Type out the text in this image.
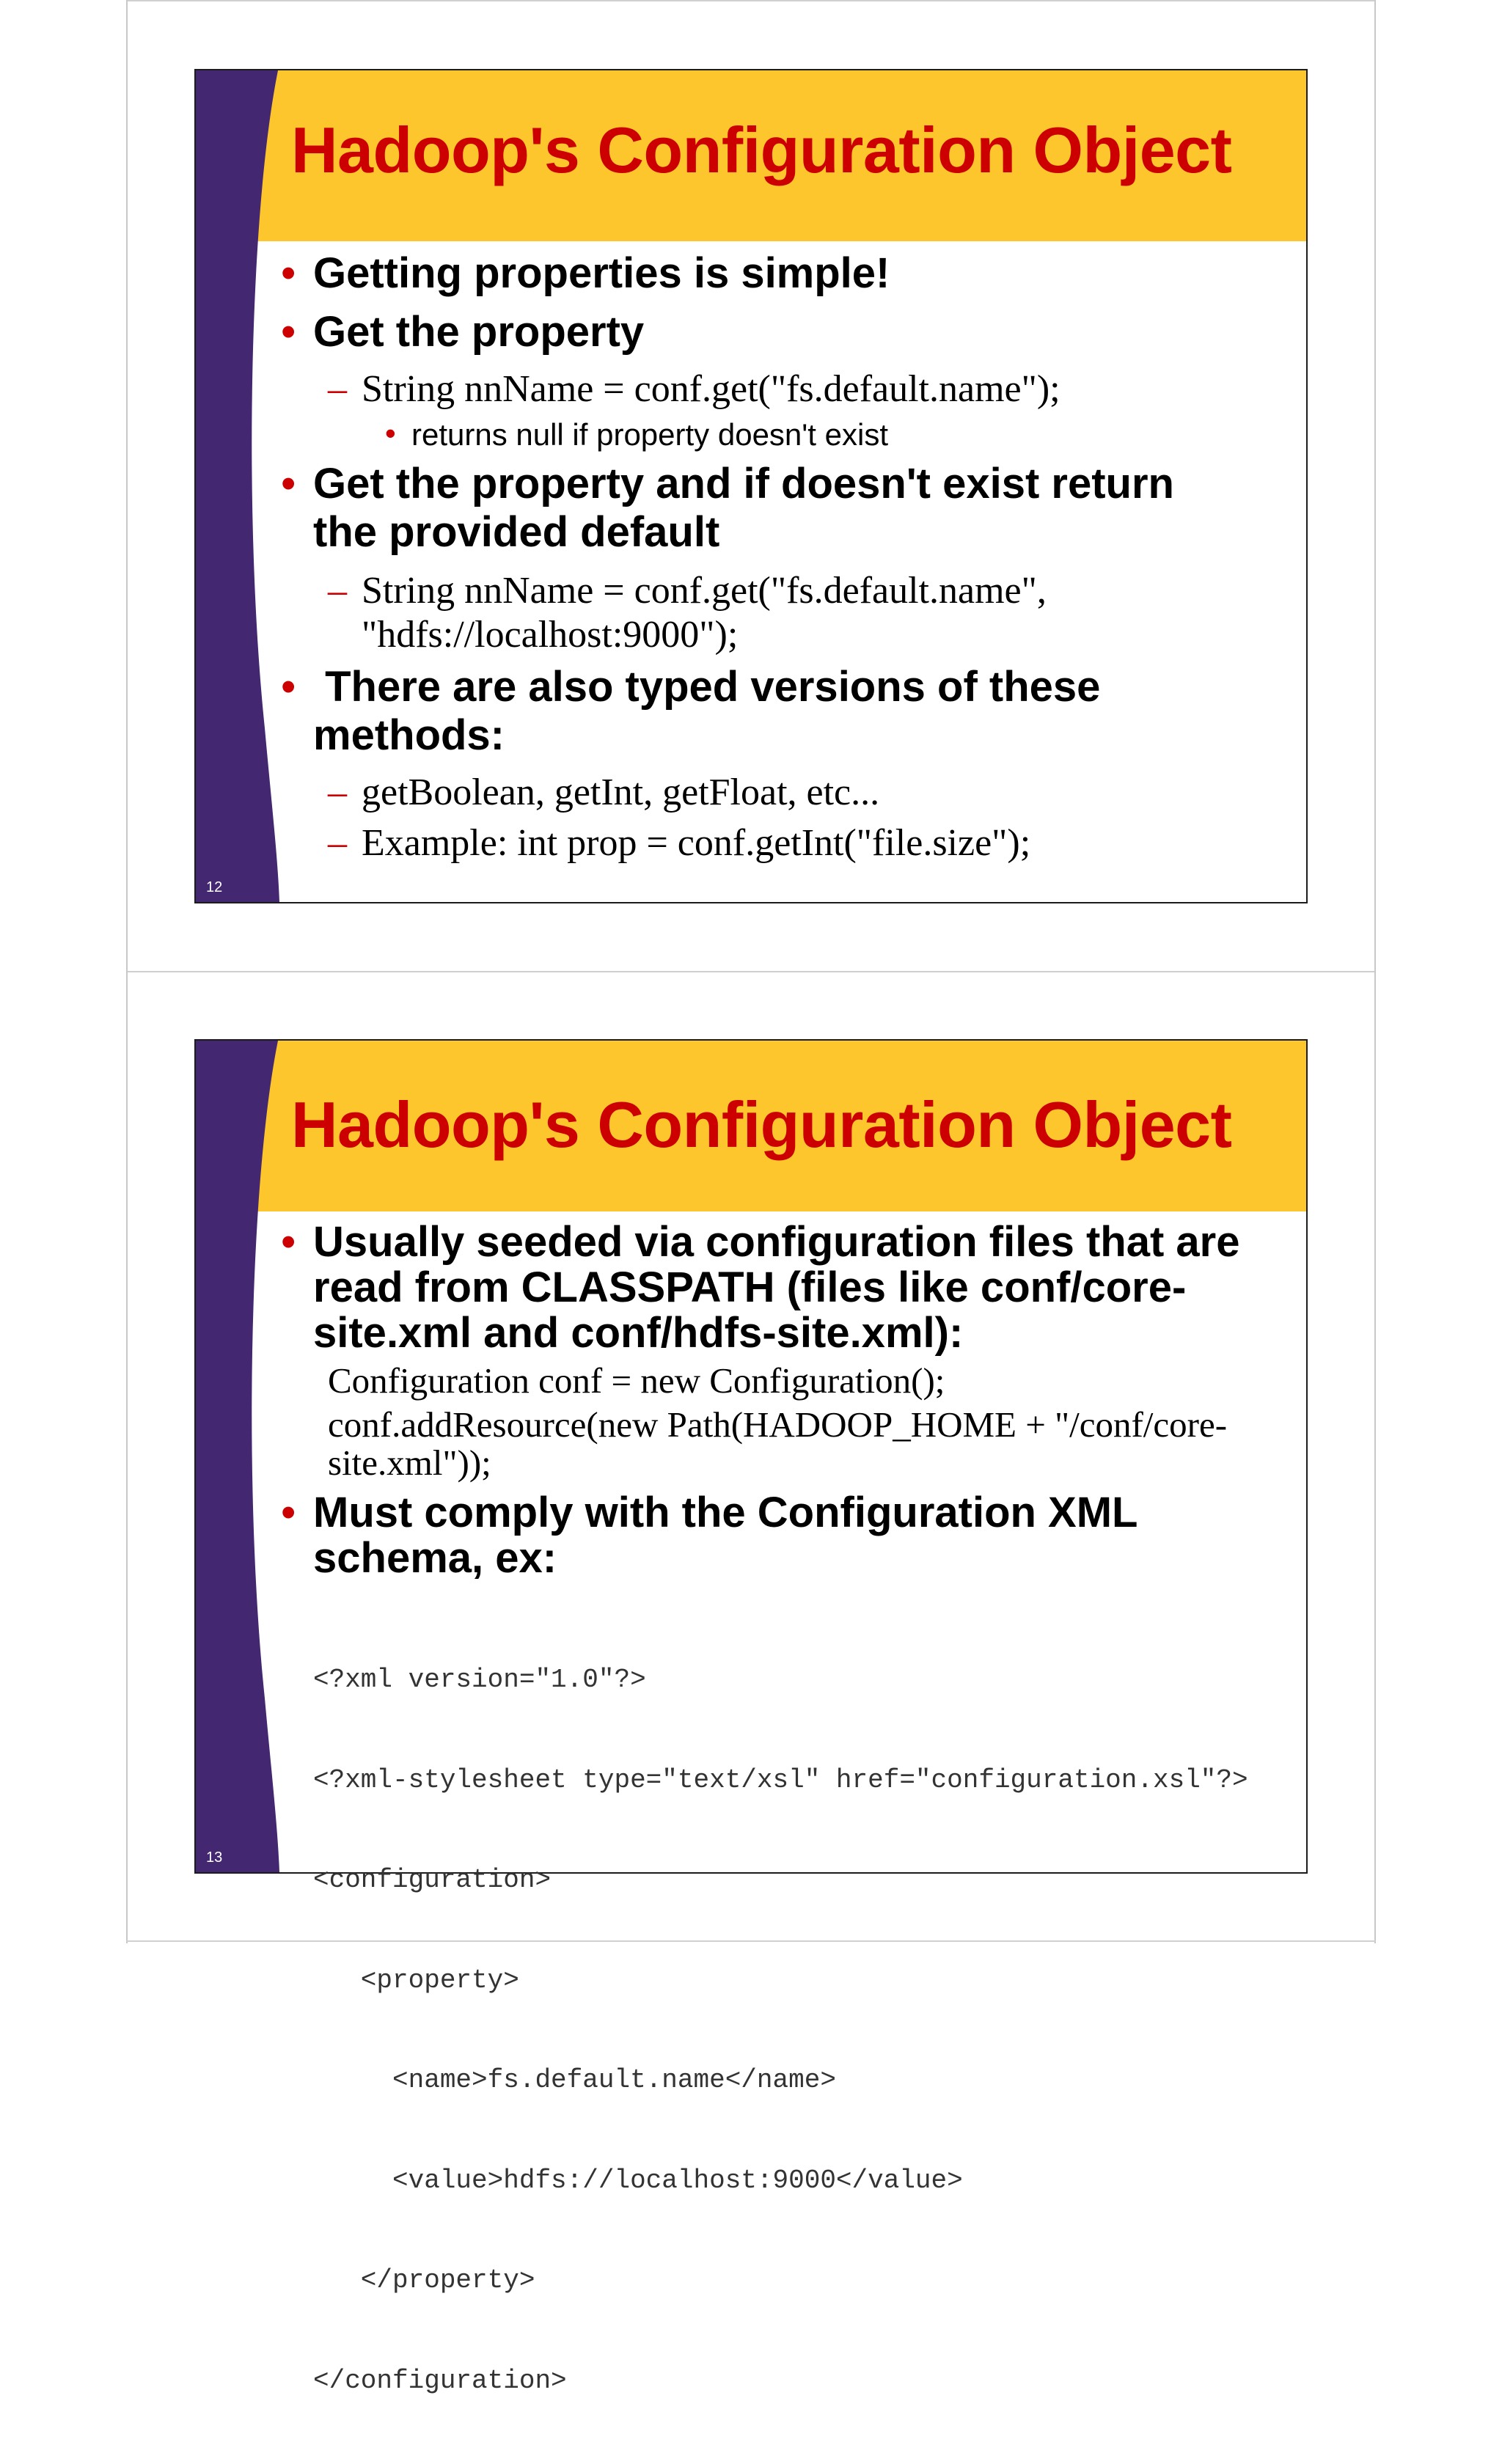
Hadoop's Configuration Object
• Getting properties is simple!
• Get the property
– String nnName = conf.get("fs.default.name");
• returns null if property doesn't exist
• Get the property and if doesn't exist return
the provided default
– String nnName = conf.get("fs.default.name",
"hdfs://localhost:9000");
• There are also typed versions of these
methods:
– getBoolean, getInt, getFloat, etc...
– Example: int prop = conf.getInt("file.size");
12
Hadoop's Configuration Object
• Usually seeded via configuration files that are
read from CLASSPATH (files like conf/core-
site.xml and conf/hdfs-site.xml):
Configuration conf = new Configuration();
conf.addResource(new Path(HADOOP_HOME + "/conf/core-
site.xml"));
• Must comply with the Configuration XML
schema, ex:

<?xml version="1.0"?>

<?xml-stylesheet type="text/xsl" href="configuration.xsl"?>

<configuration>

<property>

<name>fs.default.name</name>

<value>hdfs://localhost:9000</value>

</property>

</configuration>

13
